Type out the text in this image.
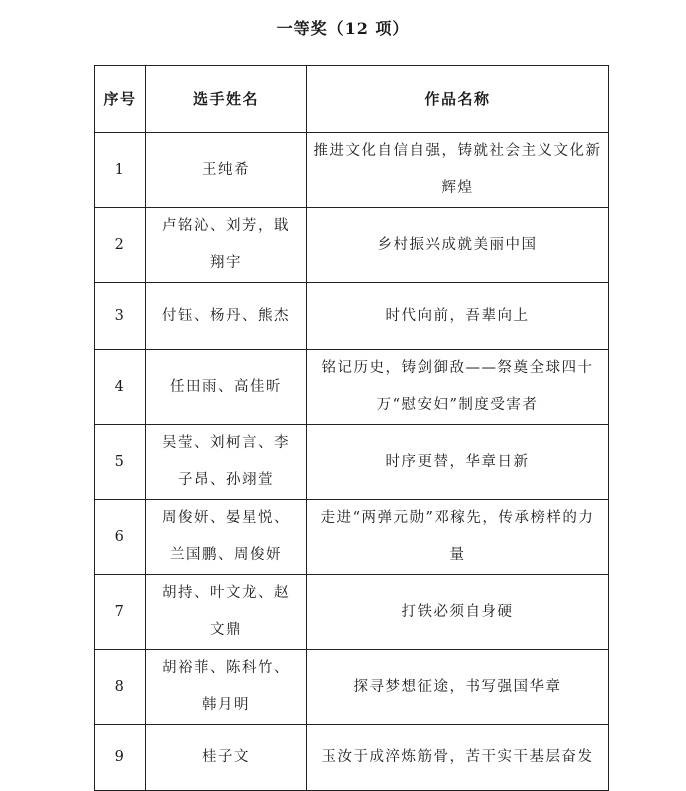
一等奖（12 项）
序号	选手姓名	作品名称
1	王纯希	推进文化自信自强，铸就社会主义文化新辉煌
2	卢铭沁、刘芳，戢翔宇	乡村振兴成就美丽中国
3	付钰、杨丹、熊杰	时代向前，吾辈向上
4	任田雨、高佳昕	铭记历史，铸剑御敌——祭奠全球四十万“慰安妇”制度受害者
5	吴莹、刘柯言、李子昂、孙翊萱	时序更替，华章日新
6	周俊妍、晏星悦、兰国鹏、周俊妍	走进“两弹元勋”邓稼先，传承榜样的力量
7	胡持、叶文龙、赵文鼎	打铁必须自身硬
8	胡裕菲、陈科竹、韩月明	探寻梦想征途，书写强国华章
9	桂子文	玉汝于成淬炼筋骨，苦干实干基层奋发
